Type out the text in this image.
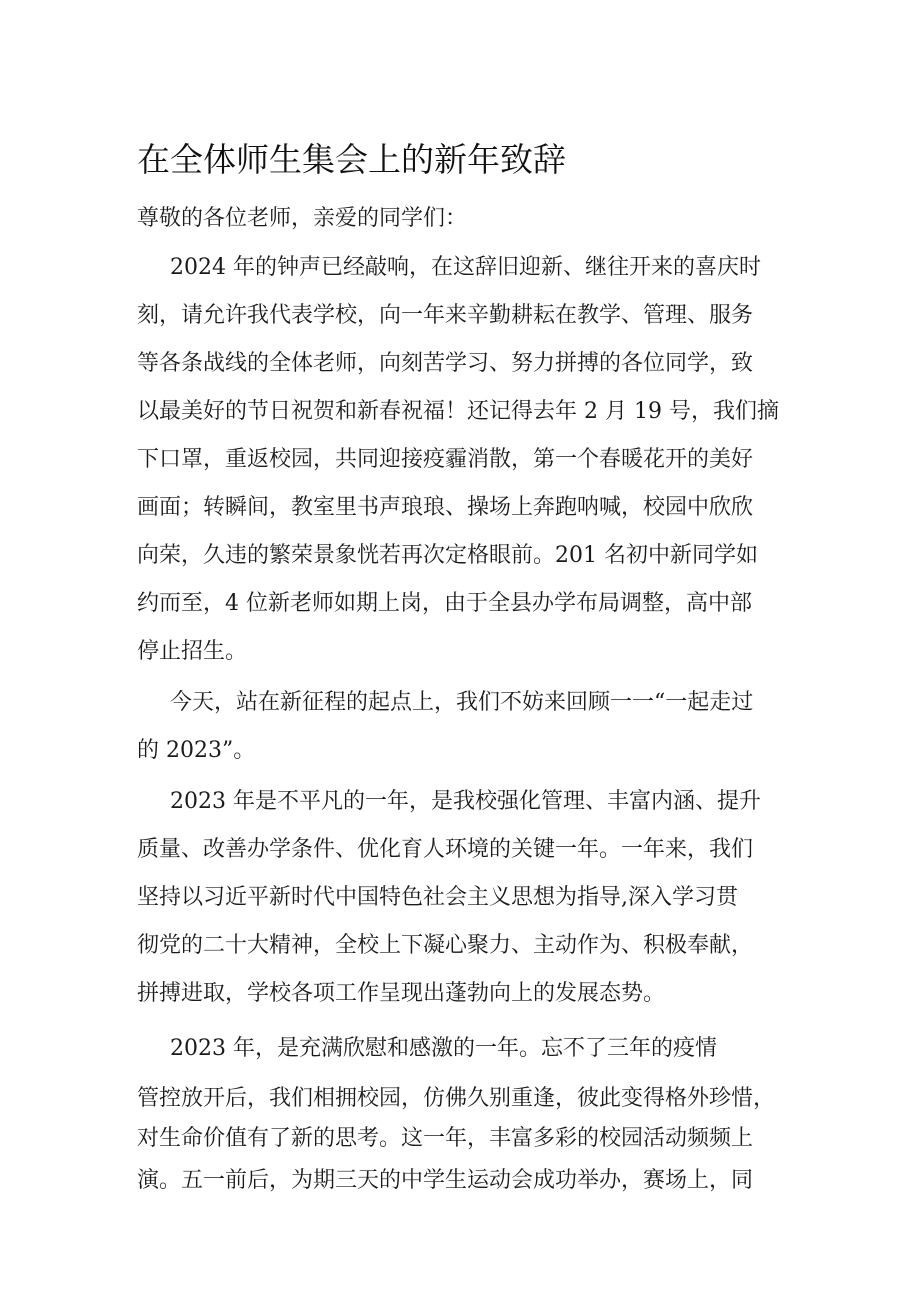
在全体师生集会上的新年致辞
尊敬的各位老师，亲爱的同学们：
2024 年的钟声已经敲响，在这辞旧迎新、继往开来的喜庆时
刻，请允许我代表学校，向一年来辛勤耕耘在教学、管理、服务
等各条战线的全体老师，向刻苦学习、努力拼搏的各位同学，致
以最美好的节日祝贺和新春祝福！还记得去年 2 月 19 号，我们摘
下口罩，重返校园，共同迎接疫霾消散，第一个春暖花开的美好
画面；转瞬间，教室里书声琅琅、操场上奔跑呐喊，校园中欣欣
向荣，久违的繁荣景象恍若再次定格眼前。201 名初中新同学如
约而至，4 位新老师如期上岗，由于全县办学布局调整，高中部
停止招生。
今天，站在新征程的起点上，我们不妨来回顾一一“一起走过
的 2023”。
2023 年是不平凡的一年，是我校强化管理、丰富内涵、提升
质量、改善办学条件、优化育人环境的关键一年。一年来，我们
坚持以习近平新时代中国特色社会主义思想为指导,深入学习贯
彻党的二十大精神，全校上下凝心聚力、主动作为、积极奉献，
拼搏进取，学校各项工作呈现出蓬勃向上的发展态势。
2023 年，是充满欣慰和感激的一年。忘不了三年的疫情
管控放开后，我们相拥校园，仿佛久别重逢，彼此变得格外珍惜，
对生命价值有了新的思考。这一年，丰富多彩的校园活动频频上
演。五一前后，为期三天的中学生运动会成功举办，赛场上，同
